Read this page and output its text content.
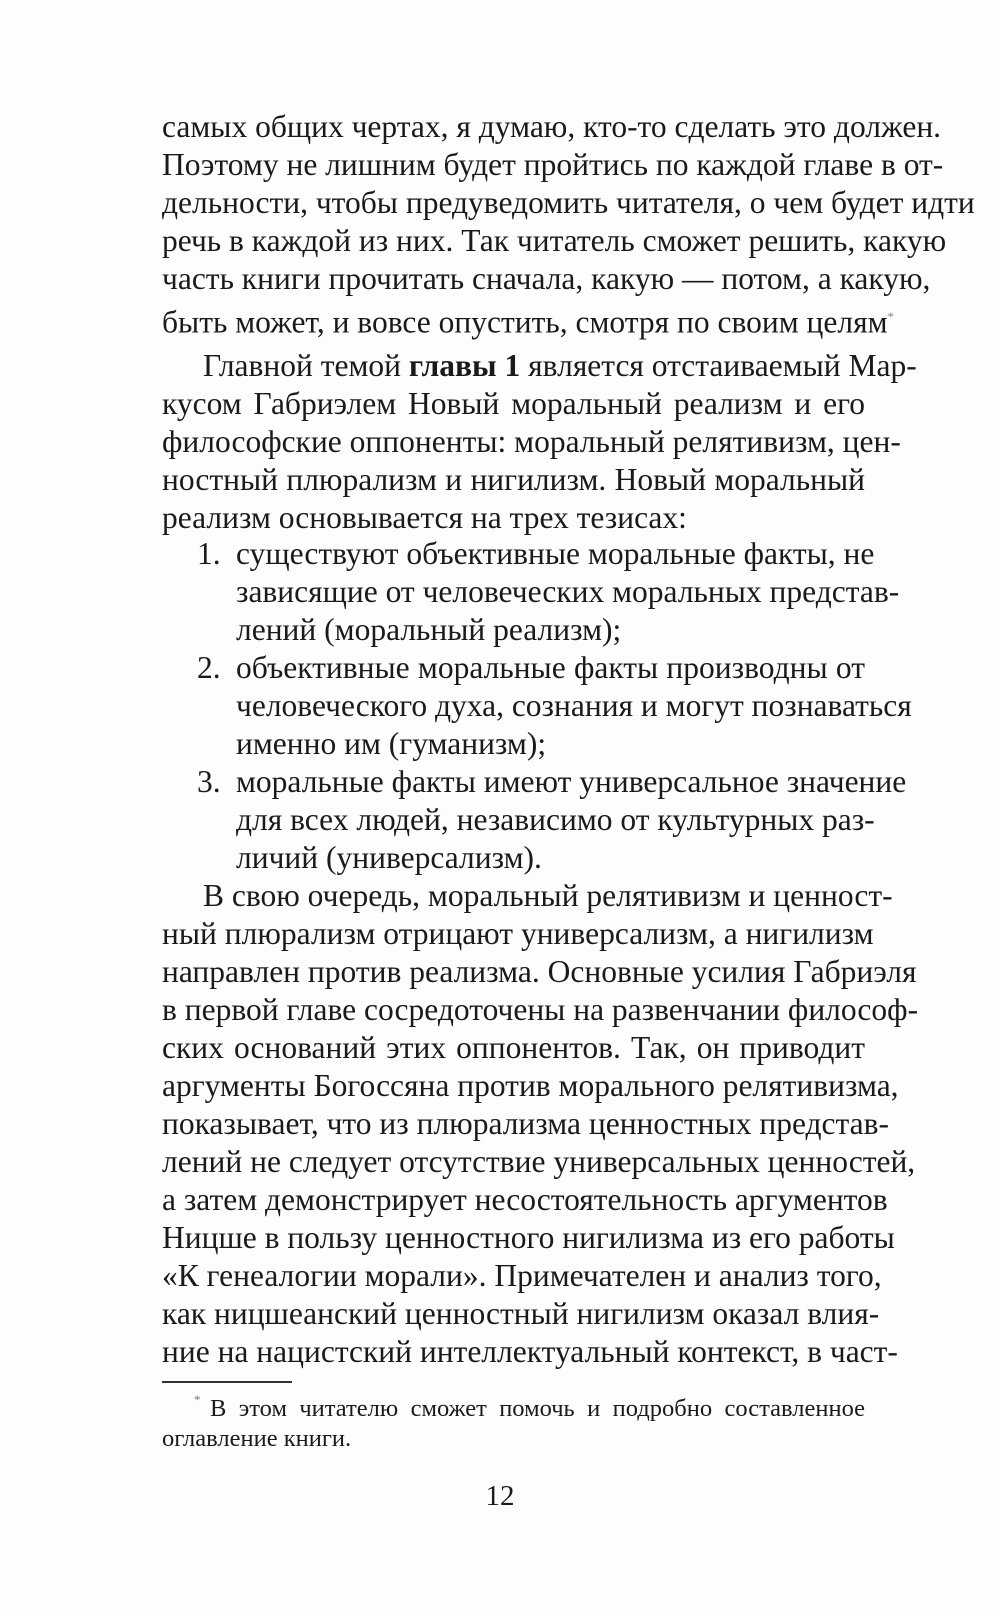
самых общих чертах, я думаю, кто-то сделать это должен.
Поэтому не лишним будет пройтись по каждой главе в от-
дельности, чтобы предуведомить читателя, о чем будет идти
речь в каждой из них. Так читатель сможет решить, какую
часть книги прочитать сначала, какую — потом, а какую,
быть может, и вовсе опустить, смотря по своим целям*
Главной темой главы 1 является отстаиваемый Мар-
кусом Габриэлем Новый моральный реализм и его
философские оппоненты: моральный релятивизм, цен-
ностный плюрализм и нигилизм. Новый моральный
реализм основывается на трех тезисах:
1. существуют объективные моральные факты, не
зависящие от человеческих моральных представ-
лений (моральный реализм);
2. объективные моральные факты производны от
человеческого духа, сознания и могут познаваться
именно им (гуманизм);
3. моральные факты имеют универсальное значение
для всех людей, независимо от культурных раз-
личий (универсализм).
В свою очередь, моральный релятивизм и ценност-
ный плюрализм отрицают универсализм, а нигилизм
направлен против реализма. Основные усилия Габриэля
в первой главе сосредоточены на развенчании философ-
ских оснований этих оппонентов. Так, он приводит
аргументы Богоссяна против морального релятивизма,
показывает, что из плюрализма ценностных представ-
лений не следует отсутствие универсальных ценностей,
а затем демонстрирует несостоятельность аргументов
Ницше в пользу ценностного нигилизма из его работы
«К генеалогии морали». Примечателен и анализ того,
как ницшеанский ценностный нигилизм оказал влия-
ние на нацистский интеллектуальный контекст, в част-
* В этом читателю сможет помочь и подробно составленное
оглавление книги.
12
